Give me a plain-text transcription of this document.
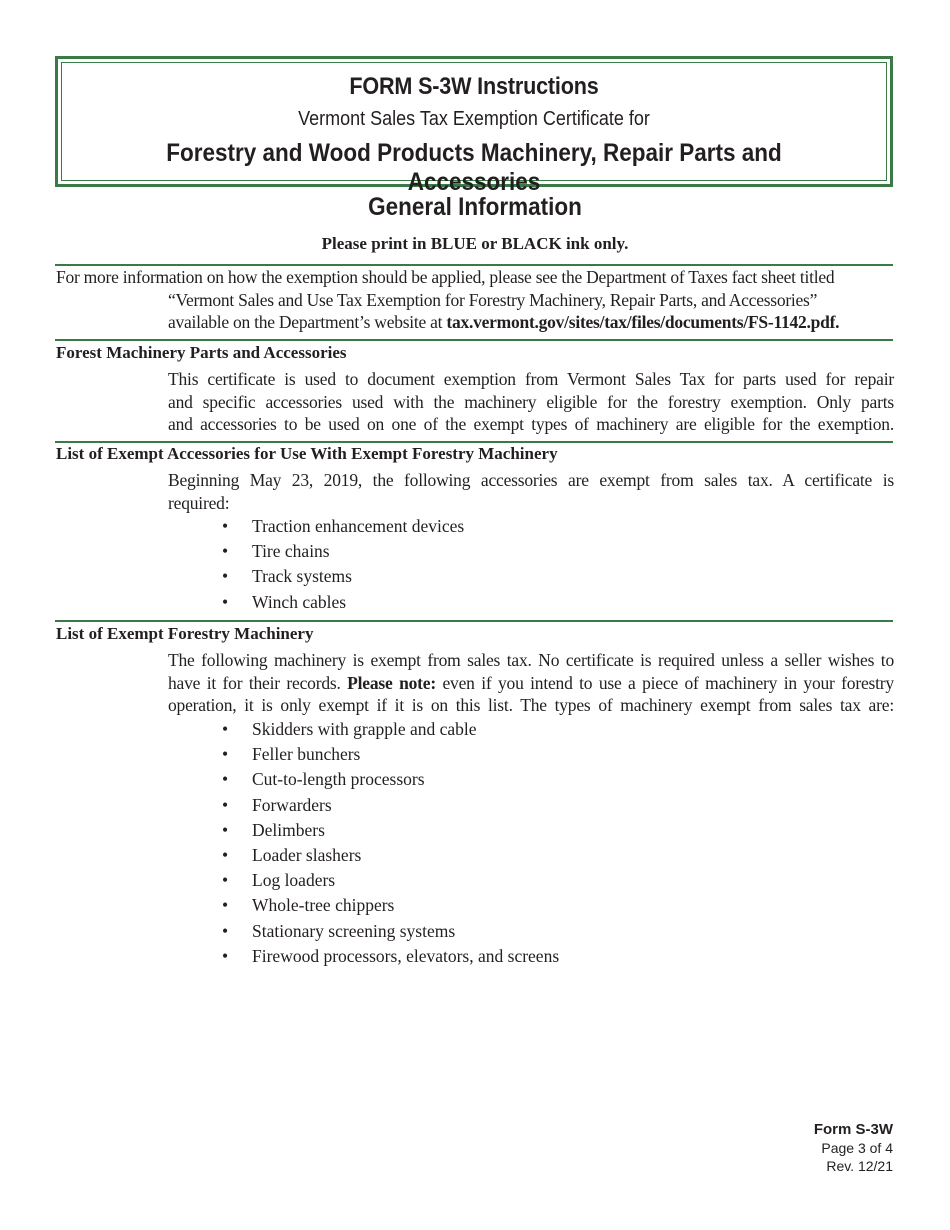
FORM S-3W Instructions
Vermont Sales Tax Exemption Certificate for
Forestry and Wood Products Machinery, Repair Parts and Accessories
General Information
Please print in BLUE or BLACK ink only.
For more information on how the exemption should be applied, please see the Department of Taxes fact sheet titled
“Vermont Sales and Use Tax Exemption for Forestry Machinery, Repair Parts, and Accessories”
available on the Department’s website at tax.vermont.gov/sites/tax/files/documents/FS-1142.pdf.
Forest Machinery Parts and Accessories
This certificate is used to document exemption from Vermont Sales Tax for parts used for repair
and specific accessories used with the machinery eligible for the forestry exemption. Only parts
and accessories to be used on one of the exempt types of machinery are eligible for the exemption.
List of Exempt Accessories for Use With Exempt Forestry Machinery
Beginning May 23, 2019, the following accessories are exempt from sales tax. A certificate is
required:
• Traction enhancement devices
• Tire chains
• Track systems
• Winch cables
List of Exempt Forestry Machinery
The following machinery is exempt from sales tax. No certificate is required unless a seller wishes to
have it for their records. Please note: even if you intend to use a piece of machinery in your forestry
operation, it is only exempt if it is on this list. The types of machinery exempt from sales tax are:
• Skidders with grapple and cable
• Feller bunchers
• Cut-to-length processors
• Forwarders
• Delimbers
• Loader slashers
• Log loaders
• Whole-tree chippers
• Stationary screening systems
• Firewood processors, elevators, and screens
Form S-3W
Page 3 of 4
Rev. 12/21
